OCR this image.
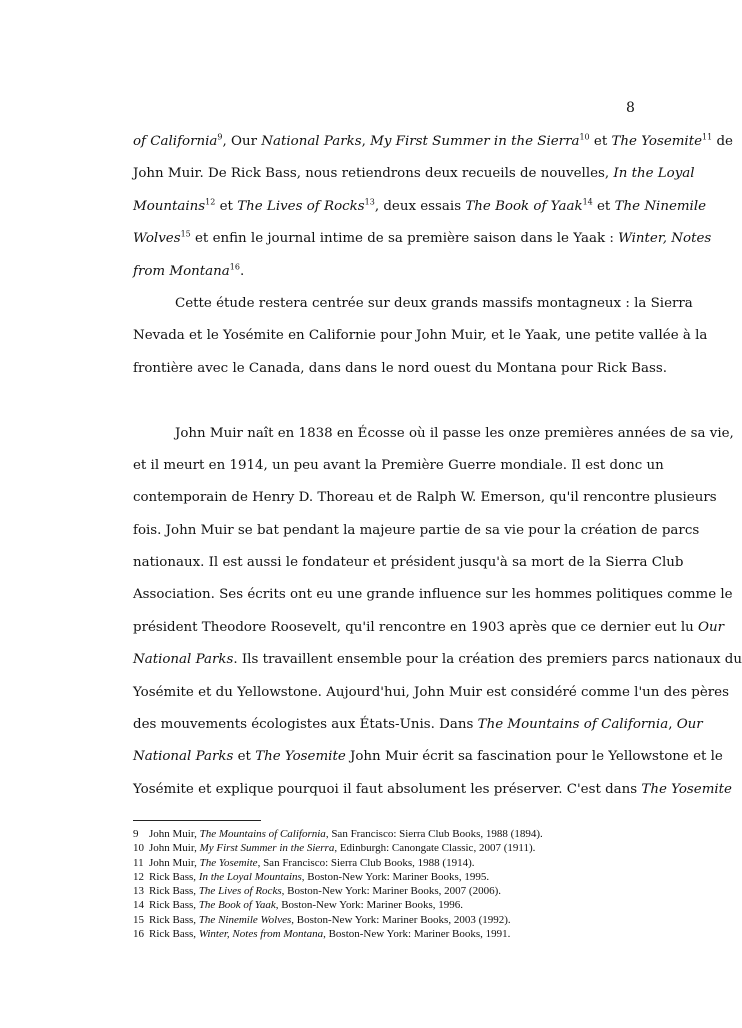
8
of California$^9$, Our National Parks, My First Summer in the Sierra$^{10}$ et The Yosemite$^{11}$ de
John Muir. De Rick Bass, nous retiendrons deux recueils de nouvelles, In the Loyal
Mountains$^{12}$ et The Lives of Rocks$^{13}$, deux essais The Book of Yaak$^{14}$ et The Ninemile
Wolves$^{15}$ et enfin le journal intime de sa première saison dans le Yaak : Winter, Notes
from Montana$^{16}$.
Cette étude restera centrée sur deux grands massifs montagneux : la Sierra
Nevada et le Yosémite en Californie pour John Muir, et le Yaak, une petite vallée à la
frontière avec le Canada, dans dans le nord ouest du Montana pour Rick Bass.
John Muir naît en 1838 en Écosse où il passe les onze premières années de sa vie,
et il meurt en 1914, un peu avant la Première Guerre mondiale. Il est donc un
contemporain de Henry D. Thoreau et de Ralph W. Emerson, qu'il rencontre plusieurs
fois. John Muir se bat pendant la majeure partie de sa vie pour la création de parcs
nationaux. Il est aussi le fondateur et président jusqu'à sa mort de la Sierra Club
Association. Ses écrits ont eu une grande influence sur les hommes politiques comme le
président Theodore Roosevelt, qu'il rencontre en 1903 après que ce dernier eut lu Our
National Parks. Ils travaillent ensemble pour la création des premiers parcs nationaux du
Yosémite et du Yellowstone. Aujourd'hui, John Muir est considéré comme l'un des pères
des mouvements écologistes aux États-Unis. Dans The Mountains of California, Our
National Parks et The Yosemite John Muir écrit sa fascination pour le Yellowstone et le
Yosémite et explique pourquoi il faut absolument les préserver. C'est dans The Yosemite
9 John Muir, The Mountains of California, San Francisco: Sierra Club Books, 1988 (1894).
10 John Muir, My First Summer in the Sierra, Edinburgh: Canongate Classic, 2007 (1911).
11 John Muir, The Yosemite, San Francisco: Sierra Club Books, 1988 (1914).
12 Rick Bass, In the Loyal Mountains, Boston-New York: Mariner Books, 1995.
13 Rick Bass, The Lives of Rocks, Boston-New York: Mariner Books, 2007 (2006).
14 Rick Bass, The Book of Yaak, Boston-New York: Mariner Books, 1996.
15 Rick Bass, The Ninemile Wolves, Boston-New York: Mariner Books, 2003 (1992).
16 Rick Bass, Winter, Notes from Montana, Boston-New York: Mariner Books, 1991.
